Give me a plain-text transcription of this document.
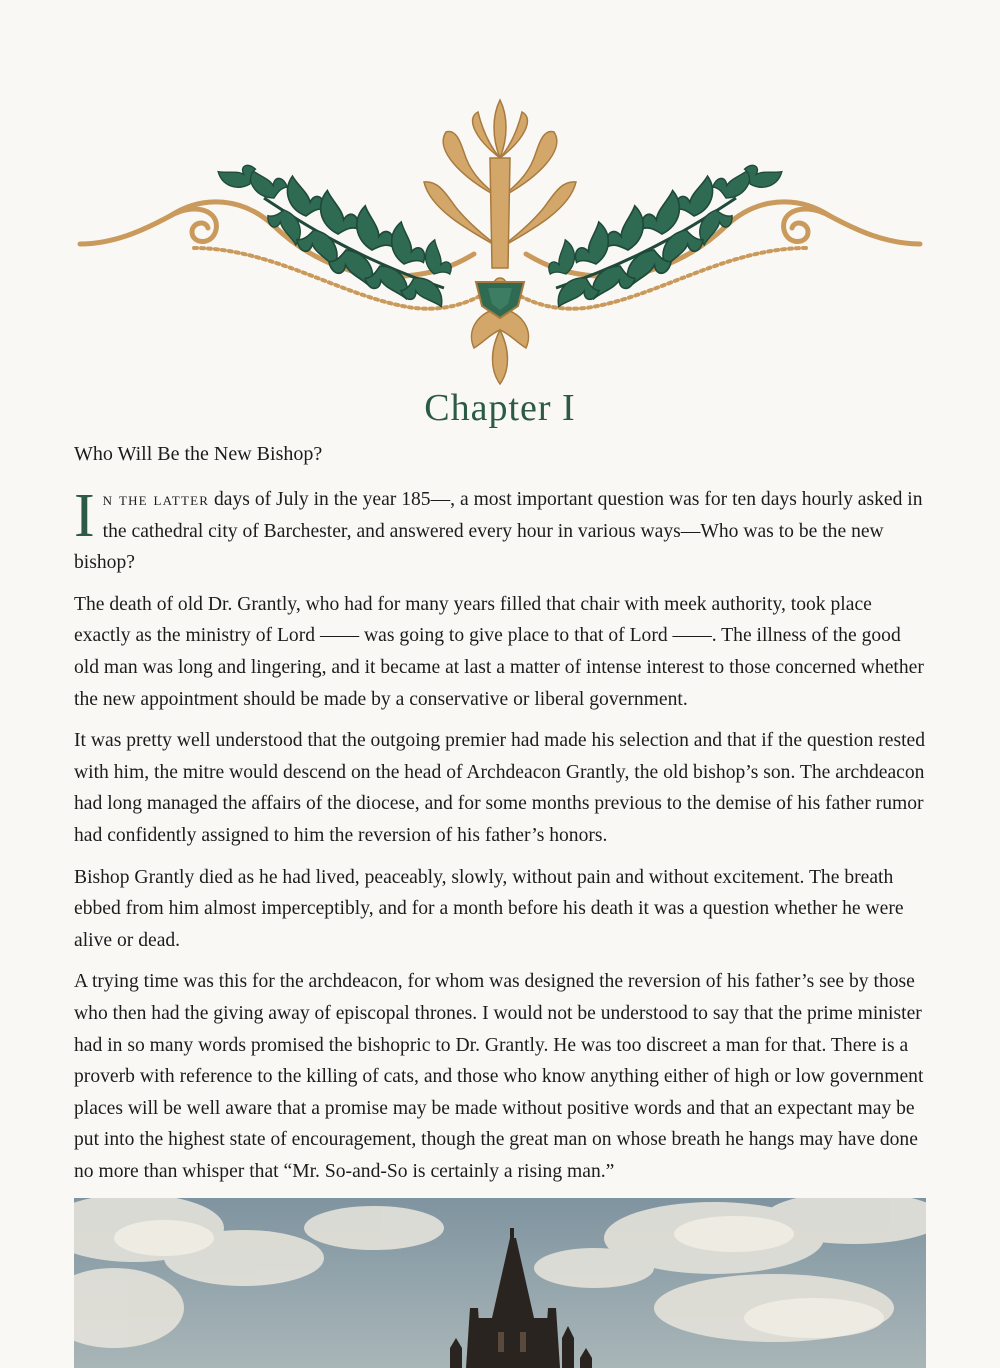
Chapter I
Who Will Be the New Bishop?

In the latter days of July in the year 185––, a most important question was for ten days hourly asked in the cathedral city of Barchester, and answered every hour in various ways—Who was to be the new bishop?

The death of old Dr. Grantly, who had for many years filled that chair with meek authority, took place exactly as the ministry of Lord –––– was going to give place to that of Lord ––––. The illness of the good old man was long and lingering, and it became at last a matter of intense interest to those concerned whether the new appointment should be made by a conservative or liberal government.

It was pretty well understood that the outgoing premier had made his selection and that if the question rested with him, the mitre would descend on the head of Archdeacon Grantly, the old bishop’s son. The archdeacon had long managed the affairs of the diocese, and for some months previous to the demise of his father rumor had confidently assigned to him the reversion of his father’s honors.

Bishop Grantly died as he had lived, peaceably, slowly, without pain and without excitement. The breath ebbed from him almost imperceptibly, and for a month before his death it was a question whether he were alive or dead.

A trying time was this for the archdeacon, for whom was designed the reversion of his father’s see by those who then had the giving away of episcopal thrones. I would not be understood to say that the prime minister had in so many words promised the bishopric to Dr. Grantly. He was too discreet a man for that. There is a proverb with reference to the killing of cats, and those who know anything either of high or low government places will be well aware that a promise may be made without positive words and that an expectant may be put into the highest state of encouragement, though the great man on whose breath he hangs may have done no more than whisper that “Mr. So-and-So is certainly a rising man.”
